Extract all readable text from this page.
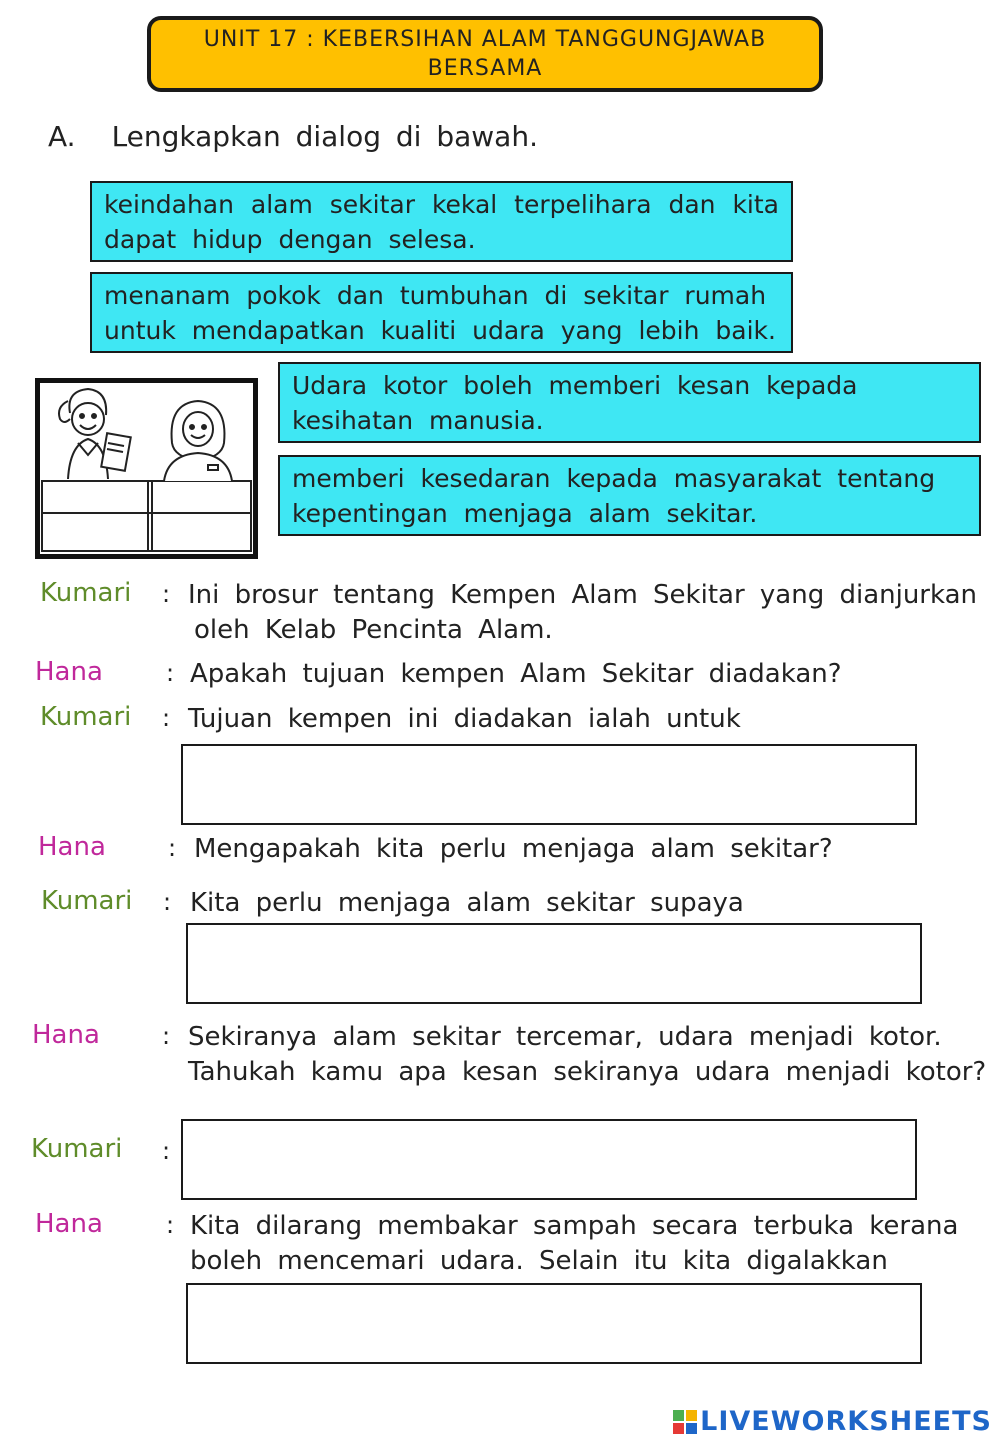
UNIT 17 : KEBERSIHAN ALAM TANGGUNGJAWAB
BERSAMA
A. Lengkapkan dialog di bawah.
keindahan alam sekitar kekal terpelihara dan kita
dapat hidup dengan selesa.
menanam pokok dan tumbuhan di sekitar rumah
untuk mendapatkan kualiti udara yang lebih baik.
Udara kotor boleh memberi kesan kepada
kesihatan manusia.
memberi kesedaran kepada masyarakat tentang
kepentingan menjaga alam sekitar.
Kumari : Ini brosur tentang Kempen Alam Sekitar yang dianjurkan
oleh Kelab Pencinta Alam.
Hana	: Apakah tujuan kempen Alam Sekitar diadakan?
Kumari : Tujuan kempen ini diadakan ialah untuk
Hana	: Mengapakah kita perlu menjaga alam sekitar?
Kumari : Kita perlu menjaga alam sekitar supaya
Hana	: Sekiranya alam sekitar tercemar, udara menjadi kotor.
Tahukah kamu apa kesan sekiranya udara menjadi kotor?
Kumari :
Hana	: Kita dilarang membakar sampah secara terbuka kerana
boleh mencemari udara. Selain itu kita digalakkan
LIVEWORKSHEETS
